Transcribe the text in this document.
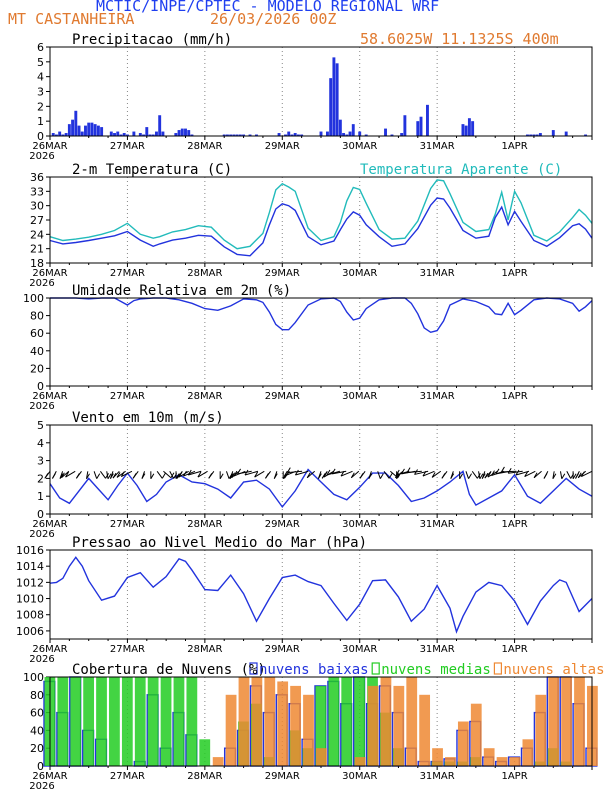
MCTIC/INPE/CPTEC - MODELO REGIONAL WRF
MT CASTANHEIRA	26/03/2026 00Z
58.6025W 11.1325S 400m
0
1
2
3
4
5
6
26MAR	27MAR	28MAR	29MAR	30MAR	31MAR	1APR
2026
Precipitacao (mm/h)
18
21
24
27
30
33
36
26MAR	27MAR	28MAR	29MAR	30MAR	31MAR	1APR
2026
2-m Temperatura (C)	Temperatura Aparente (C)
0
20
40
60
80
100
26MAR	27MAR	28MAR	29MAR	30MAR	31MAR	1APR
2026
Umidade Relativa em 2m (%)
0
1
2
3
4
5
26MAR	27MAR	28MAR	29MAR	30MAR	31MAR	1APR
2026
Vento em 10m (m/s)
1006
1008
1010
1012
1014
1016
26MAR	27MAR	28MAR	29MAR	30MAR	31MAR	1APR
2026
Pressao ao Nivel Medio do Mar (hPa)
0
20
40
60
80
100
26MAR	27MAR	28MAR	29MAR	30MAR	31MAR	1APR
2026
Cobertura de Nuvens (%)
nuvens baixas nuvens medias nuvens altas
